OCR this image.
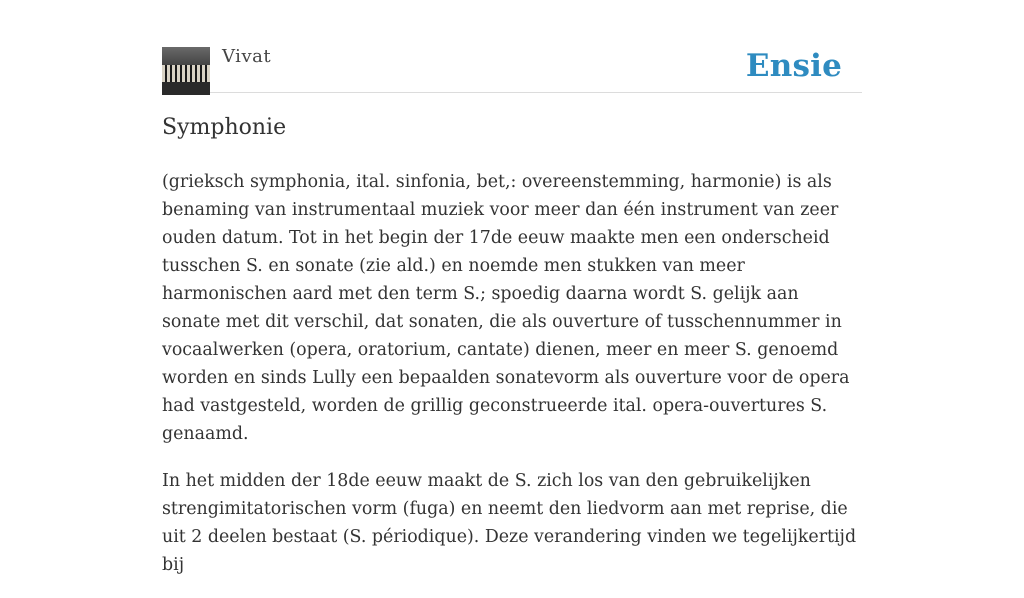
Vivat	Ensie
Symphonie

(grieksch symphonia, ital. sinfonia, bet,: overeenstemming, harmonie) is als benaming van instrumentaal muziek voor meer dan één instrument van zeer ouden datum. Tot in het begin der 17de eeuw maakte men een onderscheid tusschen S. en sonate (zie ald.) en noemde men stukken van meer harmonischen aard met den term S.; spoedig daarna wordt S. gelijk aan sonate met dit verschil, dat sonaten, die als ouverture of tusschennummer in vocaalwerken (opera, oratorium, cantate) dienen, meer en meer S. genoemd worden en sinds Lully een bepaalden sonatevorm als ouverture voor de opera had vastgesteld, worden de grillig geconstrueerde ital. opera-ouvertures S. genaamd.

In het midden der 18de eeuw maakt de S. zich los van den gebruikelijken strengimitatorischen vorm (fuga) en neemt den liedvorm aan met reprise, die uit 2 deelen bestaat (S. périodique). Deze verandering vinden we tegelijkertijd bij
